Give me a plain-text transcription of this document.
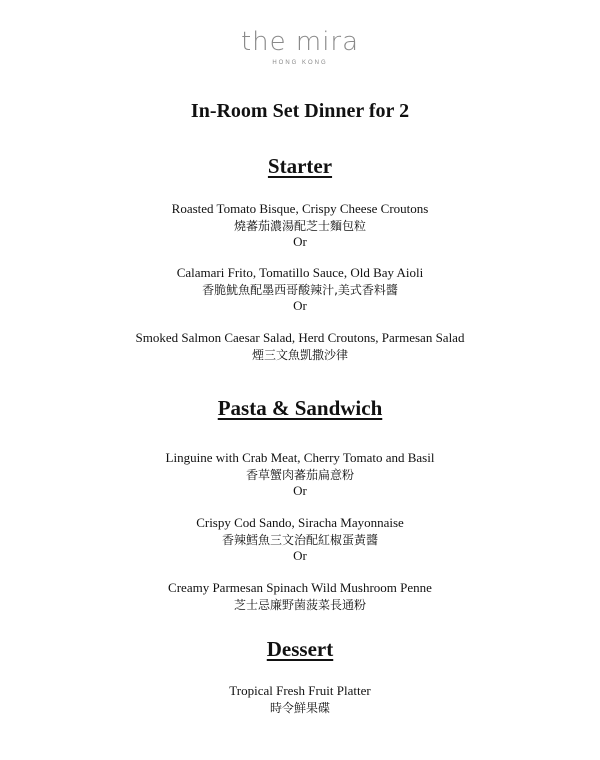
the mira
HONG KONG
In-Room Set Dinner for 2
Starter
Roasted Tomato Bisque, Crispy Cheese Croutons
燒蕃茄濃湯配芝士麵包粒
Or
Calamari Frito, Tomatillo Sauce, Old Bay Aioli
香脆魷魚配墨西哥酸辣汁,美式香料醬
Or
Smoked Salmon Caesar Salad, Herd Croutons, Parmesan Salad
煙三文魚凱撒沙律
Pasta & Sandwich
Linguine with Crab Meat, Cherry Tomato and Basil
香草蟹肉蕃茄扁意粉
Or
Crispy Cod Sando, Siracha Mayonnaise
香辣鱈魚三文治配紅椒蛋黃醬
Or
Creamy Parmesan Spinach Wild Mushroom Penne
芝士忌廉野菌菠菜長通粉
Dessert
Tropical Fresh Fruit Platter
時令鮮果碟
